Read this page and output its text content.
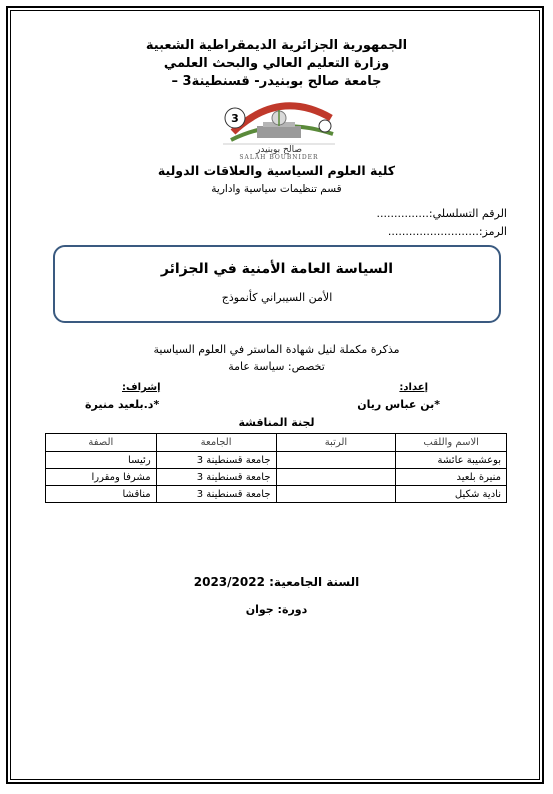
الجمهورية الجزائرية الديمقراطية الشعبية
وزارة التعليم العالي والبحث العلمي
جامعة صالح بوبنيدر- قسنطينة3 –
3
صالح بوبنيدر
SALAH BOUBNIDER
كلية العلوم السياسية والعلاقات الدولية
قسم تنظيمات سياسية وادارية
الرقم التسلسلي:...............
الرمز:..........................
السياسة العامة الأمنية في الجزائر
الأمن السيبراني كأنموذج
مذكرة مكملة لنيل شهادة الماستر في العلوم السياسية
تخصص: سياسة عامة
إعداد:
*بن عباس ريان
إشراف:
*د.بلعيد منيرة
لجنة المناقشة
الاسم واللقب	الرتبة	الجامعة	الصفة
بوعشيبة عائشة		جامعة قسنطينة 3	رئيسا
منيرة بلعيد		جامعة قسنطينة 3	مشرفا ومقررا
نادية شكيل		جامعة قسنطينة 3	مناقشا
السنة الجامعية: 2023/2022
دورة: جوان
